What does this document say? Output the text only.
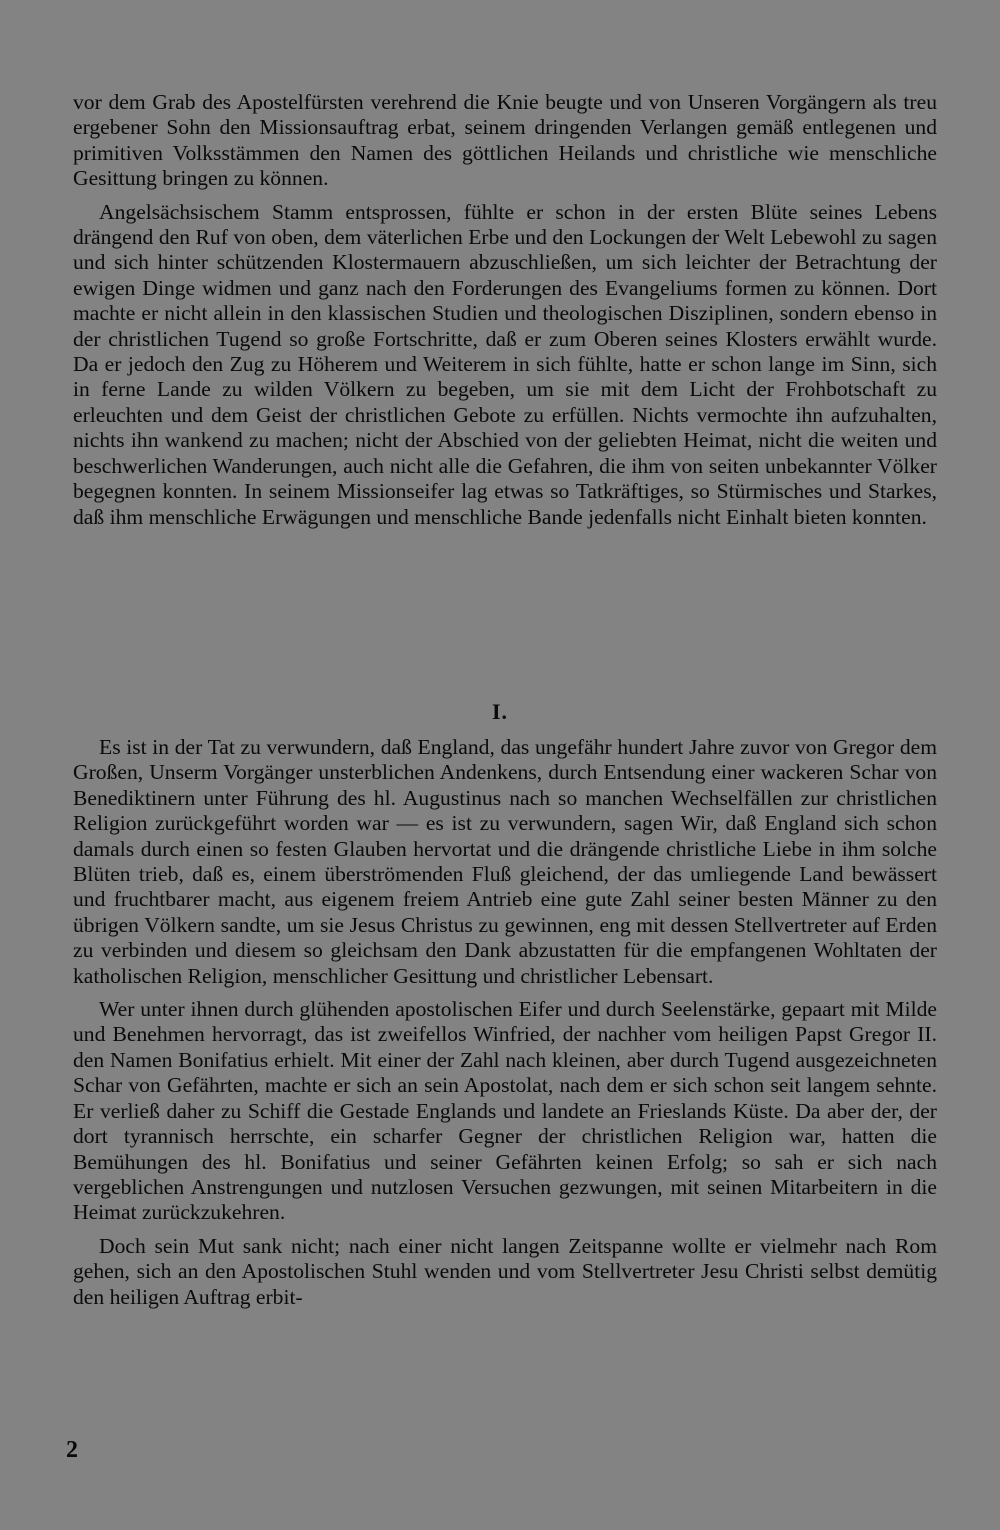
vor dem Grab des Apostelfürsten verehrend die Knie beugte und von Unseren Vorgängern als treu ergebener Sohn den Missionsauftrag erbat, seinem dringenden Verlangen gemäß entlegenen und primitiven Volksstämmen den Namen des göttlichen Heilands und christliche wie menschliche Gesittung bringen zu können.

Angelsächsischem Stamm entsprossen, fühlte er schon in der ersten Blüte seines Lebens drängend den Ruf von oben, dem väterlichen Erbe und den Lockungen der Welt Lebewohl zu sagen und sich hinter schützenden Klostermauern abzuschließen, um sich leichter der Betrachtung der ewigen Dinge widmen und ganz nach den Forderungen des Evangeliums formen zu können. Dort machte er nicht allein in den klassischen Studien und theologischen Disziplinen, sondern ebenso in der christlichen Tugend so große Fortschritte, daß er zum Oberen seines Klosters erwählt wurde. Da er jedoch den Zug zu Höherem und Weiterem in sich fühlte, hatte er schon lange im Sinn, sich in ferne Lande zu wilden Völkern zu begeben, um sie mit dem Licht der Frohbotschaft zu erleuchten und dem Geist der christlichen Gebote zu erfüllen. Nichts vermochte ihn aufzuhalten, nichts ihn wankend zu machen; nicht der Abschied von der geliebten Heimat, nicht die weiten und beschwerlichen Wanderungen, auch nicht alle die Gefahren, die ihm von seiten unbekannter Völker begegnen konnten. In seinem Missionseifer lag etwas so Tatkräftiges, so Stürmisches und Starkes, daß ihm menschliche Erwägungen und menschliche Bande jedenfalls nicht Einhalt bieten konnten.

I.

Es ist in der Tat zu verwundern, daß England, das ungefähr hundert Jahre zuvor von Gregor dem Großen, Unserm Vorgänger unsterblichen Andenkens, durch Entsendung einer wackeren Schar von Benediktinern unter Führung des hl. Augustinus nach so manchen Wechselfällen zur christlichen Religion zurückgeführt worden war — es ist zu verwundern, sagen Wir, daß England sich schon damals durch einen so festen Glauben hervortat und die drängende christliche Liebe in ihm solche Blüten trieb, daß es, einem überströmenden Fluß gleichend, der das umliegende Land bewässert und fruchtbarer macht, aus eigenem freiem Antrieb eine gute Zahl seiner besten Männer zu den übrigen Völkern sandte, um sie Jesus Christus zu gewinnen, eng mit dessen Stellvertreter auf Erden zu verbinden und diesem so gleichsam den Dank abzustatten für die empfangenen Wohltaten der katholischen Religion, menschlicher Gesittung und christlicher Lebensart.

Wer unter ihnen durch glühenden apostolischen Eifer und durch Seelenstärke, gepaart mit Milde und Benehmen hervorragt, das ist zweifellos Winfried, der nachher vom heiligen Papst Gregor II. den Namen Bonifatius erhielt. Mit einer der Zahl nach kleinen, aber durch Tugend ausgezeichneten Schar von Gefährten, machte er sich an sein Apostolat, nach dem er sich schon seit langem sehnte. Er verließ daher zu Schiff die Gestade Englands und landete an Frieslands Küste. Da aber der, der dort tyrannisch herrschte, ein scharfer Gegner der christlichen Religion war, hatten die Bemühungen des hl. Bonifatius und seiner Gefährten keinen Erfolg; so sah er sich nach vergeblichen Anstrengungen und nutzlosen Versuchen gezwungen, mit seinen Mitarbeitern in die Heimat zurückzukehren.

Doch sein Mut sank nicht; nach einer nicht langen Zeitspanne wollte er vielmehr nach Rom gehen, sich an den Apostolischen Stuhl wenden und vom Stellvertreter Jesu Christi selbst demütig den heiligen Auftrag erbit-

2
